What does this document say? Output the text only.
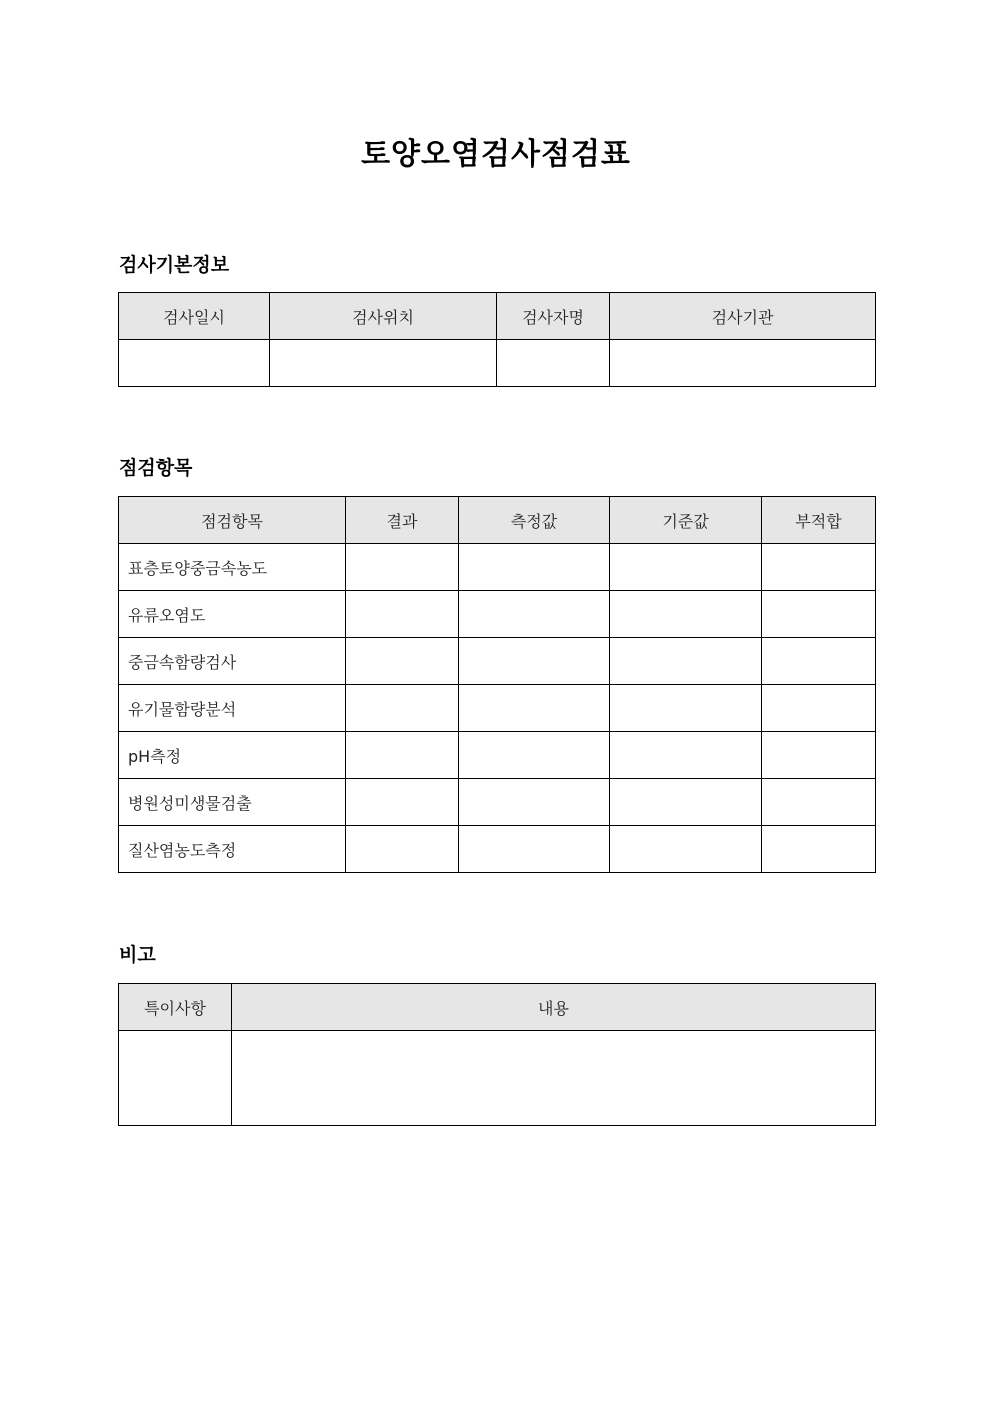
토양오염검사점검표
검사기본정보
검사일시	검사위치	검사자명	검사기관

점검항목
점검항목	결과	측정값	기준값	부적합
표층토양중금속농도				
유류오염도				
중금속함량검사				
유기물함량분석				
pH측정				
병원성미생물검출				
질산염농도측정				
비고
특이사항	내용
